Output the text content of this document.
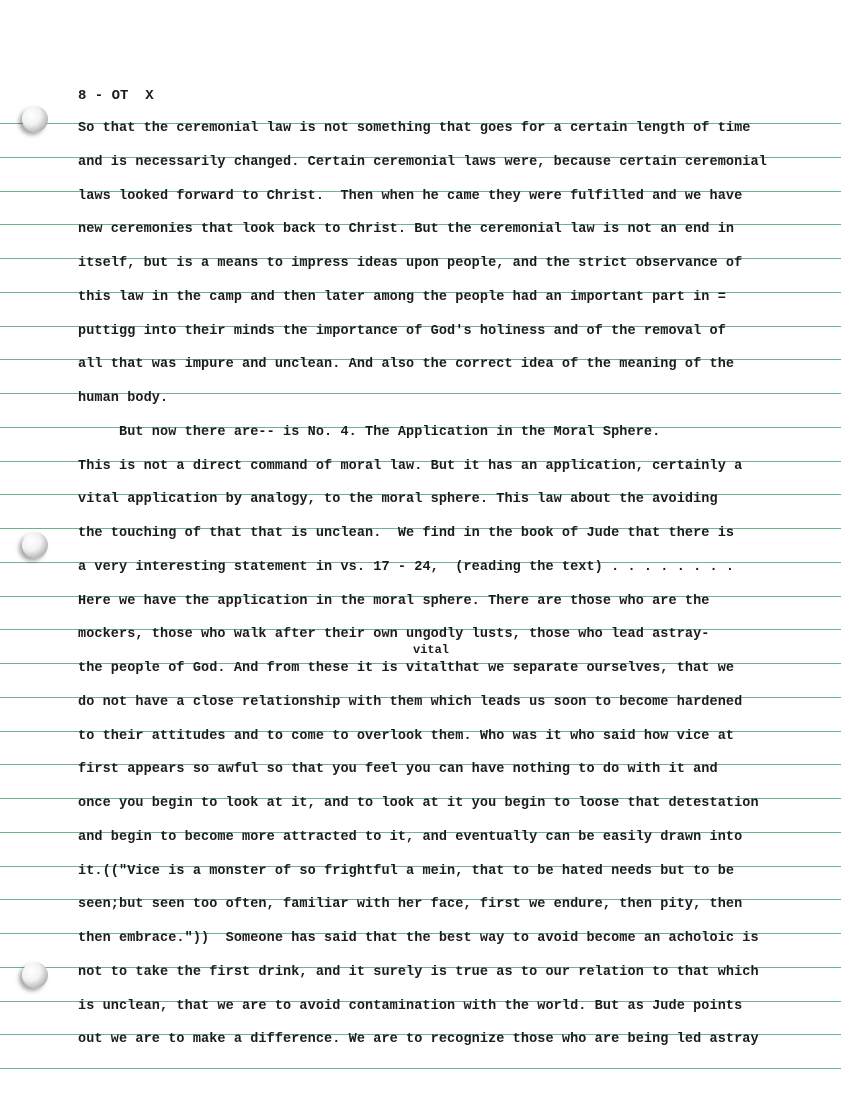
8 - OT  X
So that the ceremonial law is not something that goes for a certain length of time
and is necessarily changed. Certain ceremonial laws were, because certain ceremonial
laws looked forward to Christ.  Then when he came they were fulfilled and we have
new ceremonies that look back to Christ. But the ceremonial law is not an end in
itself, but is a means to impress ideas upon people, and the strict observance of
this law in the camp and then later among the people had an important part in =
puttigg into their minds the importance of God's holiness and of the removal of
all that was impure and unclean. And also the correct idea of the meaning of the
human body.
But now there are-- is No. 4. The Application in the Moral Sphere.
This is not a direct command of moral law. But it has an application, certainly a
vital application by analogy, to the moral sphere. This law about the avoiding
the touching of that that is unclean.  We find in the book of Jude that there is
a very interesting statement in vs. 17 - 24,  (reading the text) . . . . . . . .
Here we have the application in the moral sphere. There are those who are the
mockers, those who walk after their own ungodly lusts, those who lead astray-
the people of God. And from these it is vitalthat we separate ourselves, that we
do not have a close relationship with them which leads us soon to become hardened
to their attitudes and to come to overlook them. Who was it who said how vice at
first appears so awful so that you feel you can have nothing to do with it and
once you begin to look at it, and to look at it you begin to loose that detestation
and begin to become more attracted to it, and eventually can be easily drawn into
it.(("Vice is a monster of so frightful a mein, that to be hated needs but to be
seen;but seen too often, familiar with her face, first we endure, then pity, then
then embrace."))  Someone has said that the best way to avoid become an acholoic is
not to take the first drink, and it surely is true as to our relation to that which
is unclean, that we are to avoid contamination with the world. But as Jude points
out we are to make a difference. We are to recognize those who are being led astray
vital
